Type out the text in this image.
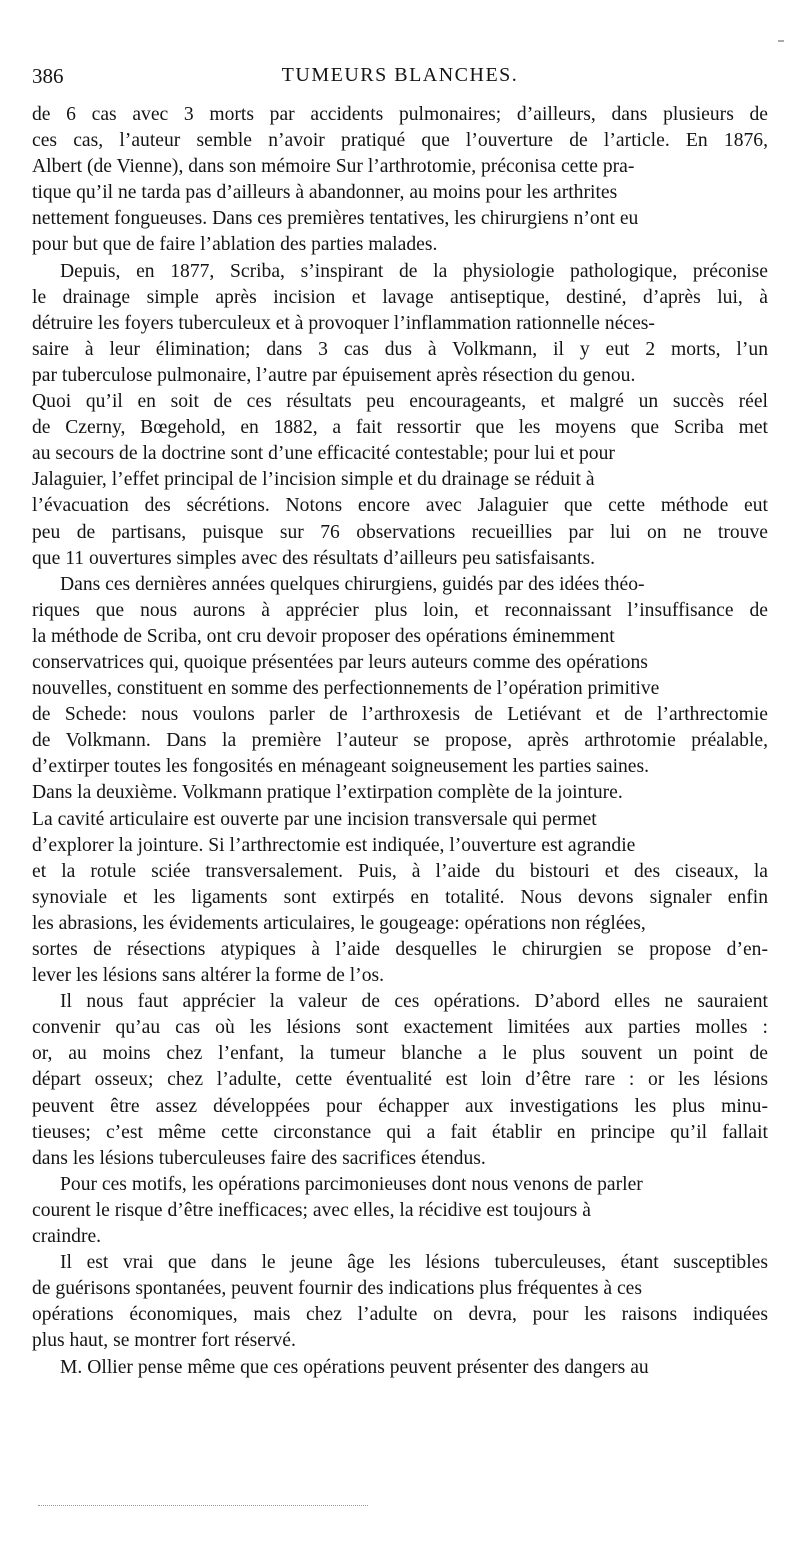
386	TUMEURS BLANCHES.
de 6 cas avec 3 morts par accidents pulmonaires; d’ailleurs, dans plusieurs de
ces cas, l’auteur semble n’avoir pratiqué que l’ouverture de l’article. En 1876,
Albert (de Vienne), dans son mémoire Sur l’arthrotomie, préconisa cette pra-
tique qu’il ne tarda pas d’ailleurs à abandonner, au moins pour les arthrites
nettement fongueuses. Dans ces premières tentatives, les chirurgiens n’ont eu
pour but que de faire l’ablation des parties malades.
Depuis, en 1877, Scriba, s’inspirant de la physiologie pathologique, préconise
le drainage simple après incision et lavage antiseptique, destiné, d’après lui, à
détruire les foyers tuberculeux et à provoquer l’inflammation rationnelle néces-
saire à leur élimination; dans 3 cas dus à Volkmann, il y eut 2 morts, l’un
par tuberculose pulmonaire, l’autre par épuisement après résection du genou.
Quoi qu’il en soit de ces résultats peu encourageants, et malgré un succès réel
de Czerny, Bœgehold, en 1882, a fait ressortir que les moyens que Scriba met
au secours de la doctrine sont d’une efficacité contestable; pour lui et pour
Jalaguier, l’effet principal de l’incision simple et du drainage se réduit à
l’évacuation des sécrétions. Notons encore avec Jalaguier que cette méthode eut
peu de partisans, puisque sur 76 observations recueillies par lui on ne trouve
que 11 ouvertures simples avec des résultats d’ailleurs peu satisfaisants.
Dans ces dernières années quelques chirurgiens, guidés par des idées théo-
riques que nous aurons à apprécier plus loin, et reconnaissant l’insuffisance de
la méthode de Scriba, ont cru devoir proposer des opérations éminemment
conservatrices qui, quoique présentées par leurs auteurs comme des opérations
nouvelles, constituent en somme des perfectionnements de l’opération primitive
de Schede: nous voulons parler de l’arthroxesis de Letiévant et de l’arthrectomie
de Volkmann. Dans la première l’auteur se propose, après arthrotomie préalable,
d’extirper toutes les fongosités en ménageant soigneusement les parties saines.
Dans la deuxième. Volkmann pratique l’extirpation complète de la jointure.
La cavité articulaire est ouverte par une incision transversale qui permet
d’explorer la jointure. Si l’arthrectomie est indiquée, l’ouverture est agrandie
et la rotule sciée transversalement. Puis, à l’aide du bistouri et des ciseaux, la
synoviale et les ligaments sont extirpés en totalité. Nous devons signaler enfin
les abrasions, les évidements articulaires, le gougeage: opérations non réglées,
sortes de résections atypiques à l’aide desquelles le chirurgien se propose d’en-
lever les lésions sans altérer la forme de l’os.
Il nous faut apprécier la valeur de ces opérations. D’abord elles ne sauraient
convenir qu’au cas où les lésions sont exactement limitées aux parties molles :
or, au moins chez l’enfant, la tumeur blanche a le plus souvent un point de
départ osseux; chez l’adulte, cette éventualité est loin d’être rare : or les lésions
peuvent être assez développées pour échapper aux investigations les plus minu-
tieuses; c’est même cette circonstance qui a fait établir en principe qu’il fallait
dans les lésions tuberculeuses faire des sacrifices étendus.
Pour ces motifs, les opérations parcimonieuses dont nous venons de parler
courent le risque d’être inefficaces; avec elles, la récidive est toujours à
craindre.
Il est vrai que dans le jeune âge les lésions tuberculeuses, étant susceptibles
de guérisons spontanées, peuvent fournir des indications plus fréquentes à ces
opérations économiques, mais chez l’adulte on devra, pour les raisons indiquées
plus haut, se montrer fort réservé.
M. Ollier pense même que ces opérations peuvent présenter des dangers au
